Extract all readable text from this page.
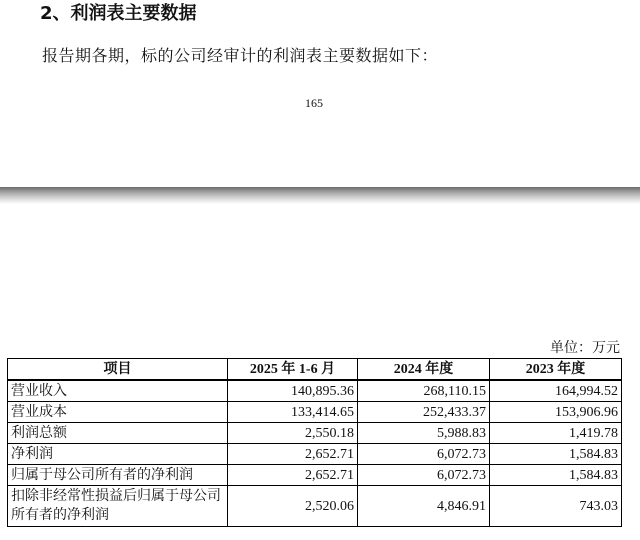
2、利润表主要数据
报告期各期，标的公司经审计的利润表主要数据如下：
165
单位：万元
项目	2025 年 1-6 月	2024 年度	2023 年度
营业收入	140,895.36	268,110.15	164,994.52
营业成本	133,414.65	252,433.37	153,906.96
利润总额	2,550.18	5,988.83	1,419.78
净利润	2,652.71	6,072.73	1,584.83
归属于母公司所有者的净利润	2,652.71	6,072.73	1,584.83
扣除非经常性损益后归属于母公司所有者的净利润	2,520.06	4,846.91	743.03
